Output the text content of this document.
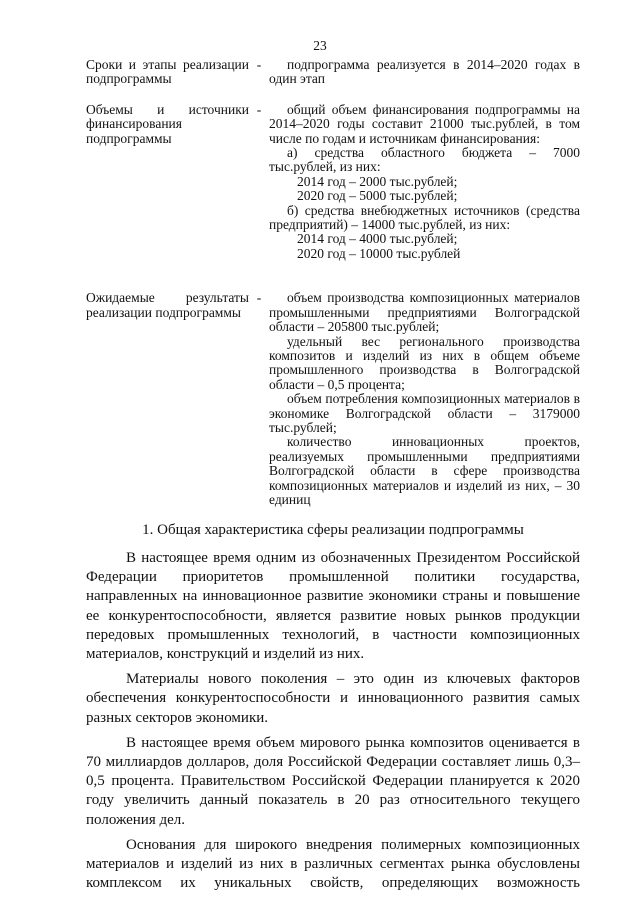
23
Сроки и этапы реализации подпрограммы
-	подпрограмма реализуется в 2014–2020 годах в один этап

Объемы и источники финансирования подпрограммы
-	общий объем финансирования подпрограммы на 2014–2020 годы составит 21000 тыс.рублей, в том числе по годам и источникам финансирования:

а) средства областного бюджета – 7000 тыс.рублей, из них:

2014 год – 2000 тыс.рублей;

2020 год – 5000 тыс.рублей;

б) средства внебюджетных источников (средства предприятий) – 14000 тыс.рублей, из них:

2014 год – 4000 тыс.рублей;

2020 год – 10000 тыс.рублей

Ожидаемые результаты реализации подпрограммы
-	объем производства композиционных материалов промышленными предприятиями Волгоградской области – 205800 тыс.рублей;

удельный вес регионального производства композитов и изделий из них в общем объеме промышленного производства в Волгоградской области – 0,5 процента;

объем потребления композиционных материалов в экономике Волгоградской области – 3179000 тыс.рублей;

количество инновационных проектов, реализуемых промышленными предприятиями Волгоградской области в сфере производства композиционных материалов и изделий из них, – 30 единиц

1. Общая характеристика сферы реализации подпрограммы

В настоящее время одним из обозначенных Президентом Российской Федерации приоритетов промышленной политики государства, направленных на инновационное развитие экономики страны и повышение ее конкурентоспособности, является развитие новых рынков продукции передовых промышленных технологий, в частности композиционных материалов, конструкций и изделий из них.

Материалы нового поколения – это один из ключевых факторов обеспечения конкурентоспособности и инновационного развития самых разных секторов экономики.

В настоящее время объем мирового рынка композитов оценивается в 70 миллиардов долларов, доля Российской Федерации составляет лишь 0,3–0,5 процента. Правительством Российской Федерации планируется к 2020 году увеличить данный показатель в 20 раз относительного текущего положения дел.

Основания для широкого внедрения полимерных композиционных материалов и изделий из них в различных сегментах рынка обусловлены комплексом их уникальных свойств, определяющих возможность
